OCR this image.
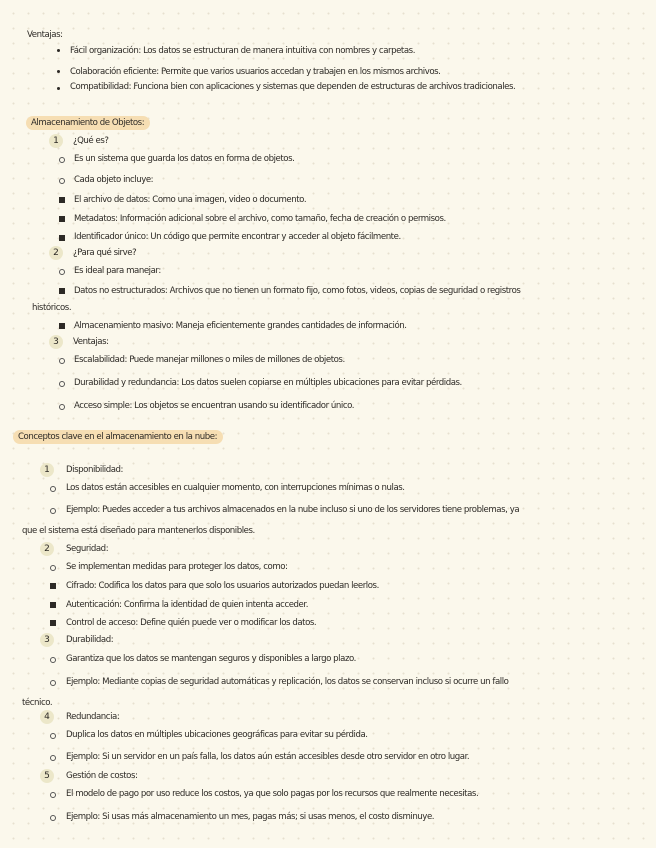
Ventajas:
Fácil organización: Los datos se estructuran de manera intuitiva con nombres y carpetas.
Colaboración eficiente: Permite que varios usuarios accedan y trabajen en los mismos archivos.
Compatibilidad: Funciona bien con aplicaciones y sistemas que dependen de estructuras de archivos tradicionales.
Almacenamiento de Objetos:
1	¿Qué es?
Es un sistema que guarda los datos en forma de objetos.
Cada objeto incluye:
El archivo de datos: Como una imagen, video o documento.
Metadatos: Información adicional sobre el archivo, como tamaño, fecha de creación o permisos.
Identificador único: Un código que permite encontrar y acceder al objeto fácilmente.
2	¿Para qué sirve?
Es ideal para manejar:
Datos no estructurados: Archivos que no tienen un formato fijo, como fotos, videos, copias de seguridad o registros
históricos.
Almacenamiento masivo: Maneja eficientemente grandes cantidades de información.
3	Ventajas:
Escalabilidad: Puede manejar millones o miles de millones de objetos.
Durabilidad y redundancia: Los datos suelen copiarse en múltiples ubicaciones para evitar pérdidas.
Acceso simple: Los objetos se encuentran usando su identificador único.
Conceptos clave en el almacenamiento en la nube:
1	Disponibilidad:
Los datos están accesibles en cualquier momento, con interrupciones mínimas o nulas.
Ejemplo: Puedes acceder a tus archivos almacenados en la nube incluso si uno de los servidores tiene problemas, ya
que el sistema está diseñado para mantenerlos disponibles.
2	Seguridad:
Se implementan medidas para proteger los datos, como:
Cifrado: Codifica los datos para que solo los usuarios autorizados puedan leerlos.
Autenticación: Confirma la identidad de quien intenta acceder.
Control de acceso: Define quién puede ver o modificar los datos.
3	Durabilidad:
Garantiza que los datos se mantengan seguros y disponibles a largo plazo.
Ejemplo: Mediante copias de seguridad automáticas y replicación, los datos se conservan incluso si ocurre un fallo
técnico.
4	Redundancia:
Duplica los datos en múltiples ubicaciones geográficas para evitar su pérdida.
Ejemplo: Si un servidor en un país falla, los datos aún están accesibles desde otro servidor en otro lugar.
5	Gestión de costos:
El modelo de pago por uso reduce los costos, ya que solo pagas por los recursos que realmente necesitas.
Ejemplo: Si usas más almacenamiento un mes, pagas más; si usas menos, el costo disminuye.
